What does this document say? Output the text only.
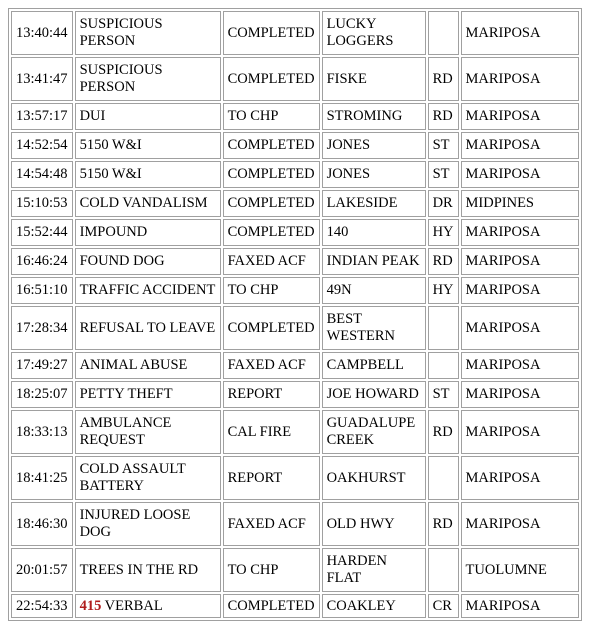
13:40:44	SUSPICIOUS PERSON	COMPLETED	LUCKY LOGGERS		MARIPOSA
13:41:47	SUSPICIOUS PERSON	COMPLETED	FISKE	RD	MARIPOSA
13:57:17	DUI	TO CHP	STROMING	RD	MARIPOSA
14:52:54	5150 W&I	COMPLETED	JONES	ST	MARIPOSA
14:54:48	5150 W&I	COMPLETED	JONES	ST	MARIPOSA
15:10:53	COLD VANDALISM	COMPLETED	LAKESIDE	DR	MIDPINES
15:52:44	IMPOUND	COMPLETED	140	HY	MARIPOSA
16:46:24	FOUND DOG	FAXED ACF	INDIAN PEAK	RD	MARIPOSA
16:51:10	TRAFFIC ACCIDENT	TO CHP	49N	HY	MARIPOSA
17:28:34	REFUSAL TO LEAVE	COMPLETED	BEST WESTERN		MARIPOSA
17:49:27	ANIMAL ABUSE	FAXED ACF	CAMPBELL		MARIPOSA
18:25:07	PETTY THEFT	REPORT	JOE HOWARD	ST	MARIPOSA
18:33:13	AMBULANCE REQUEST	CAL FIRE	GUADALUPE CREEK	RD	MARIPOSA
18:41:25	COLD ASSAULT BATTERY	REPORT	OAKHURST		MARIPOSA
18:46:30	INJURED LOOSE DOG	FAXED ACF	OLD HWY	RD	MARIPOSA
20:01:57	TREES IN THE RD	TO CHP	HARDEN FLAT		TUOLUMNE
22:54:33	415 VERBAL	COMPLETED	COAKLEY	CR	MARIPOSA
